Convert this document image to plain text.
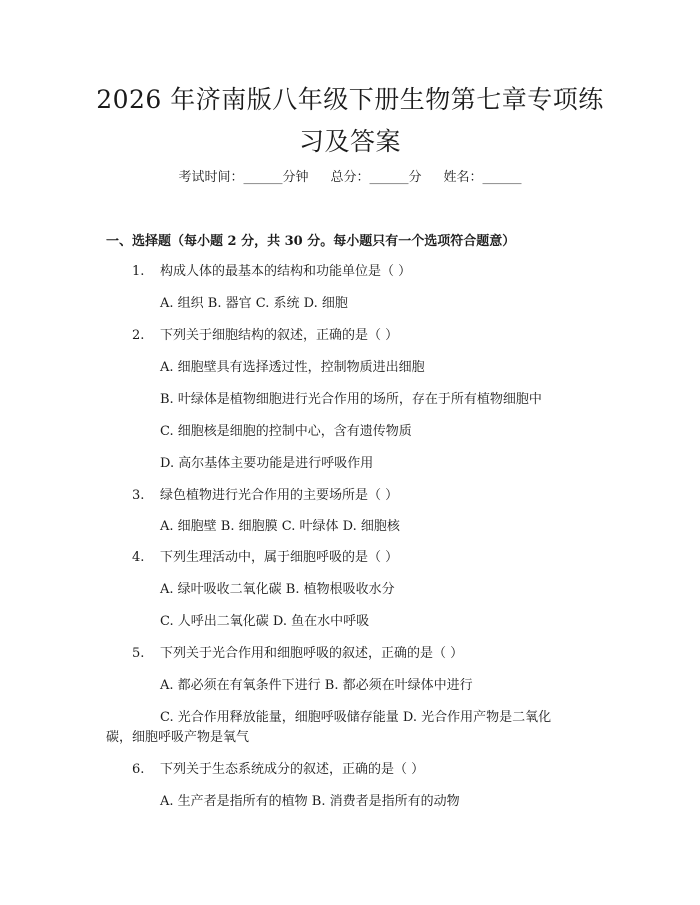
2026 年济南版八年级下册生物第七章专项练
习及答案
考试时间：______分钟 总分：______分 姓名：______
一、选择题（每小题 2 分，共 30 分。每小题只有一个选项符合题意）
1. 构成人体的最基本的结构和功能单位是（ ）
A. 组织 B. 器官 C. 系统 D. 细胞
2. 下列关于细胞结构的叙述，正确的是（ ）
A. 细胞壁具有选择透过性，控制物质进出细胞
B. 叶绿体是植物细胞进行光合作用的场所，存在于所有植物细胞中
C. 细胞核是细胞的控制中心，含有遗传物质
D. 高尔基体主要功能是进行呼吸作用
3. 绿色植物进行光合作用的主要场所是（ ）
A. 细胞壁 B. 细胞膜 C. 叶绿体 D. 细胞核
4. 下列生理活动中，属于细胞呼吸的是（ ）
A. 绿叶吸收二氧化碳 B. 植物根吸收水分
C. 人呼出二氧化碳 D. 鱼在水中呼吸
5. 下列关于光合作用和细胞呼吸的叙述，正确的是（ ）
A. 都必须在有氧条件下进行 B. 都必须在叶绿体中进行
C. 光合作用释放能量，细胞呼吸储存能量 D. 光合作用产物是二氧化
碳，细胞呼吸产物是氧气
6. 下列关于生态系统成分的叙述，正确的是（ ）
A. 生产者是指所有的植物 B. 消费者是指所有的动物
